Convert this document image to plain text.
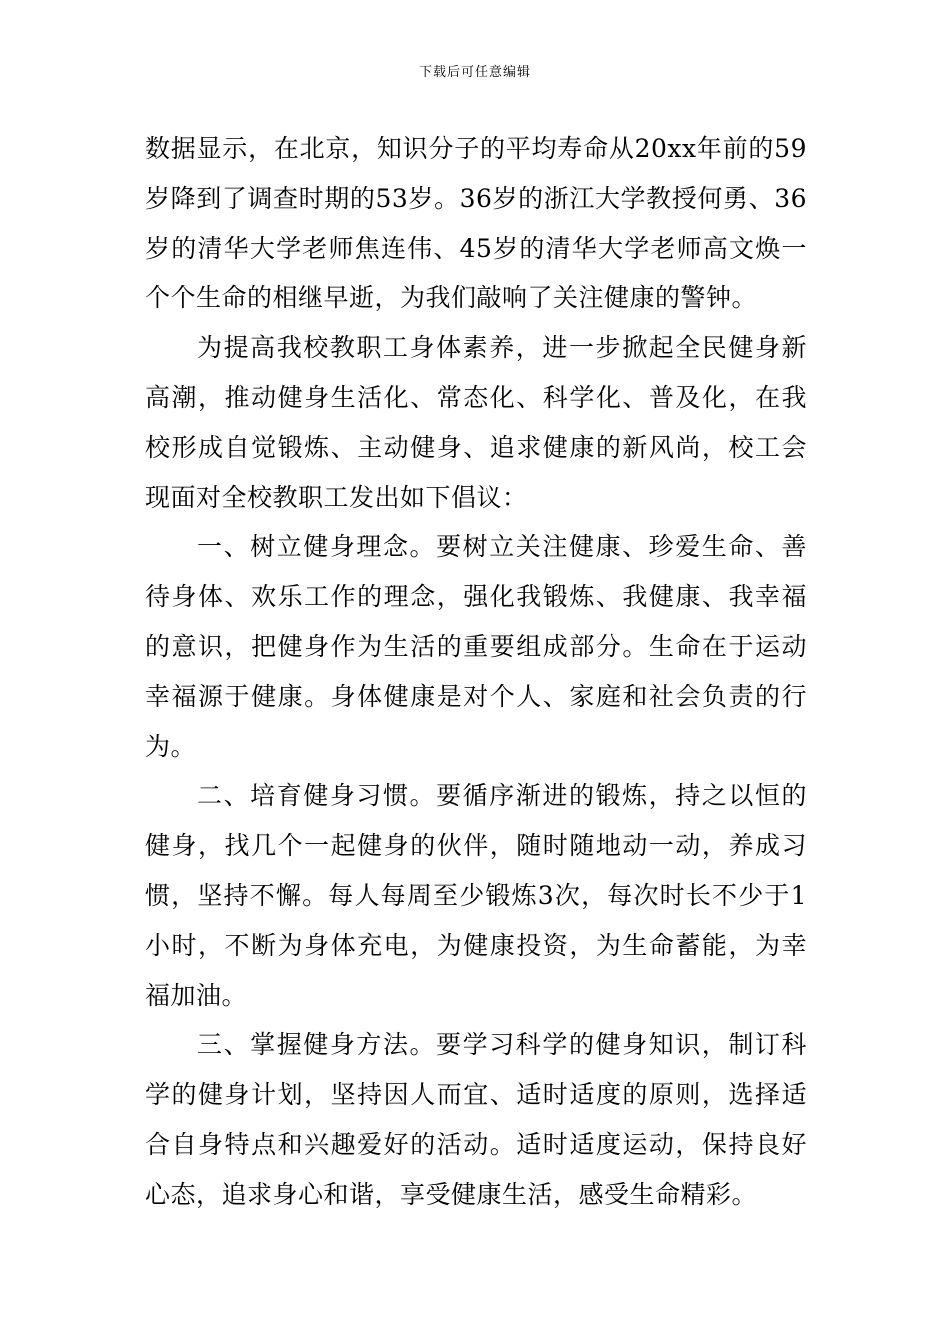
下载后可任意编辑

数据显示，在北京，知识分子的平均寿命从20xx年前的59岁降到了调查时期的53岁。36岁的浙江大学教授何勇、36岁的清华大学老师焦连伟、45岁的清华大学老师高文焕一个个生命的相继早逝，为我们敲响了关注健康的警钟。

为提高我校教职工身体素养，进一步掀起全民健身新高潮，推动健身生活化、常态化、科学化、普及化，在我校形成自觉锻炼、主动健身、追求健康的新风尚，校工会现面对全校教职工发出如下倡议：

一、树立健身理念。要树立关注健康、珍爱生命、善待身体、欢乐工作的理念，强化我锻炼、我健康、我幸福的意识，把健身作为生活的重要组成部分。生命在于运动幸福源于健康。身体健康是对个人、家庭和社会负责的行为。

二、培育健身习惯。要循序渐进的锻炼，持之以恒的健身，找几个一起健身的伙伴，随时随地动一动，养成习惯，坚持不懈。每人每周至少锻炼3次，每次时长不少于1小时，不断为身体充电，为健康投资，为生命蓄能，为幸福加油。

三、掌握健身方法。要学习科学的健身知识，制订科学的健身计划，坚持因人而宜、适时适度的原则，选择适合自身特点和兴趣爱好的活动。适时适度运动，保持良好心态，追求身心和谐，享受健康生活，感受生命精彩。
